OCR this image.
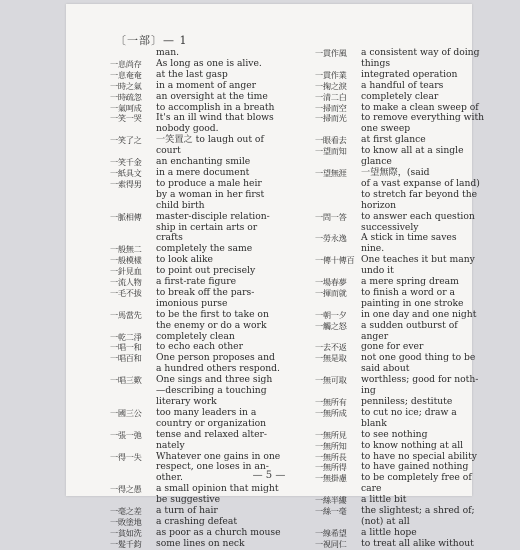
〔一部〕— 1
man.
一息尚存	As long as one is alive.
一息奄奄	at the last gasp
一時之氣	in a moment of anger
一時疏忽	an oversight at the time
一氣呵成	to accomplish in a breath
一笑一哭	It's an ill wind that blows
nobody good.
一笑了之	一笑置之 to laugh out of
court
一笑千金	an enchanting smile
一紙具文	in a mere document
一索得男	to produce a male heir
by a woman in her first
child birth
一脈相傳	master-disciple relation-
ship in certain arts or
crafts
一般無二	completely the same
一般模樣	to look alike
一針見血	to point out precisely
一流人物	a first-rate figure
一毛不拔	to break off the pars-
imonious purse
一馬當先	to be the first to take on
the enemy or do a work
一乾二淨	completely clean
一唱一和	to echo each other
一唱百和	One person proposes and
a hundred others respond.
一唱三歎	One sings and three sigh
—describing a touching
literary work
一國三公	too many leaders in a
country or organization
一張一弛	tense and relaxed alter-
nately
一得一失	Whatever one gains in one
respect, one loses in an-
other.
一得之愚	a small opinion that might
be suggestive
一毫之差	a turn of hair
一敗塗地	a crashing defeat
一貧如洗	as poor as a church mouse
一髮千鈞	some lines on neck
一貫作風	a consistent way of doing
things
一貫作業	integrated operation
一掬之淚	a handful of tears
一清二白	completely clear
一掃而空	to make a clean sweep of
一掃而光	to remove everything with
one sweep
一眼看去	at first glance
一望而知	to know all at a single
glance
一望無涯	一望無際，(said
of a vast expanse of land)
to stretch far beyond the
horizon
一問一答	to answer each question
successively
一勞永逸	A stick in time saves
nine.
一傳十傳百 One teaches it but many
undo it
一場春夢	a mere spring dream
一揮而就	to finish a word or a
painting in one stroke
一朝一夕	in one day and one night
一觸之怒	a sudden outburst of
anger
一去不返	gone for ever
一無是取	not one good thing to be
said about
一無可取	worthless; good for noth-
ing
一無所有	penniless; destitute
一無所成	to cut no ice; draw a
blank
一無所見	to see nothing
一無所知	to know nothing at all
一無所長	to have no special ability
一無所得	to have gained nothing
一無掛慮	to be completely free of
care
一絲半縷	a little bit
一絲一毫	the slightest; a shred of;
(not) at all
一線希望	a little hope
一視同仁	to treat all alike without
— 5 —
